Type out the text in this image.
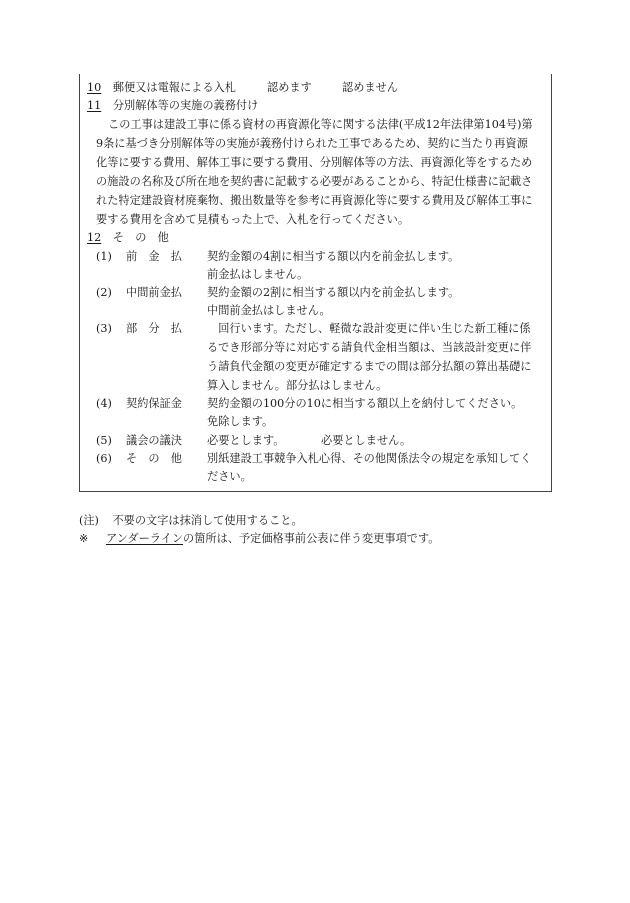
10 郵便又は電報による入札	認めます	認めません
11 分別解体等の実施の義務付け
この工事は建設工事に係る資材の再資源化等に関する法律(平成12年法律第104号)第
9条に基づき分別解体等の実施が義務付けられた工事であるため、契約に当たり再資源
化等に要する費用、解体工事に要する費用、分別解体等の方法、再資源化等をするため
の施設の名称及び所在地を契約書に記載する必要があることから、特記仕様書に記載さ
れた特定建設資材廃棄物、搬出数量等を参考に再資源化等に要する費用及び解体工事に
要する費用を含めて見積もった上で、入札を行ってください。
12 そ　の　他
(1) 前　金　払 契約金額の4割に相当する額以内を前金払します。
前金払はしません。
(2) 中間前金払 契約金額の2割に相当する額以内を前金払します。
中間前金払はしません。
(3) 部　分　払 　回行います。ただし、軽微な設計変更に伴い生じた新工種に係
るでき形部分等に対応する請負代金相当額は、当該設計変更に伴
う請負代金額の変更が確定するまでの間は部分払額の算出基礎に
算入しません。部分払はしません。
(4) 契約保証金 契約金額の100分の10に相当する額以上を納付してください。
免除します。
(5) 議会の議決 必要とします。	必要としません。
(6) そ　の　他 別紙建設工事競争入札心得、その他関係法令の規定を承知してく
ださい。
(注) 不要の文字は抹消して使用すること。
※ アンダーラインの箇所は、予定価格事前公表に伴う変更事項です。
